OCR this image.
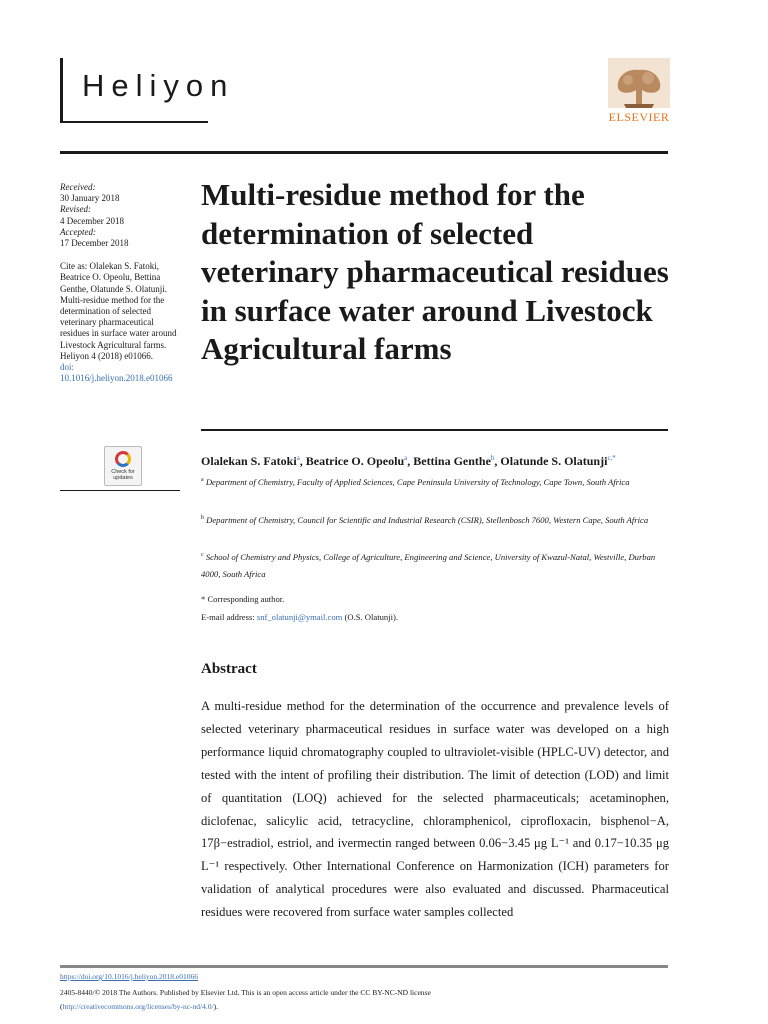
Heliyon
ELSEVIER
Received:
30 January 2018
Revised:
4 December 2018
Accepted:
17 December 2018
Cite as: Olalekan S. Fatoki, Beatrice O. Opeolu, Bettina Genthe, Olatunde S. Olatunji. Multi-residue method for the determination of selected veterinary pharmaceutical residues in surface water around Livestock Agricultural farms.
Heliyon 4 (2018) e01066.
doi: 10.1016/j.heliyon.2018.e01066
Check for updates
Multi-residue method for the determination of selected veterinary pharmaceutical residues in surface water around Livestock Agricultural farms
Olalekan S. Fatoki$^a$, Beatrice O. Opeolu$^a$, Bettina Genthe$^b$, Olatunde S. Olatunji$^{c,*}$
$^a$ Department of Chemistry, Faculty of Applied Sciences, Cape Peninsula University of Technology, Cape Town, South Africa
$^b$ Department of Chemistry, Council for Scientific and Industrial Research (CSIR), Stellenbosch 7600, Western Cape, South Africa
$^c$ School of Chemistry and Physics, College of Agriculture, Engineering and Science, University of Kwazul-Natal, Westville, Durban 4000, South Africa
* Corresponding author.
E-mail address: snf_olatunji@ymail.com (O.S. Olatunji).
Abstract

A multi-residue method for the determination of the occurrence and prevalence levels of selected veterinary pharmaceutical residues in surface water was developed on a high performance liquid chromatography coupled to ultraviolet-visible (HPLC-UV) detector, and tested with the intent of profiling their distribution. The limit of detection (LOD) and limit of quantitation (LOQ) achieved for the selected pharmaceuticals; acetaminophen, diclofenac, salicylic acid, tetracycline, chloramphenicol, ciprofloxacin, bisphenol−A, 17β−estradiol, estriol, and ivermectin ranged between 0.06−3.45 μg L⁻¹ and 0.17−10.35 μg L⁻¹ respectively. Other International Conference on Harmonization (ICH) parameters for validation of analytical procedures were also evaluated and discussed. Pharmaceutical residues were recovered from surface water samples collected

https://doi.org/10.1016/j.heliyon.2018.e01066
2405-8440/© 2018 The Authors. Published by Elsevier Ltd. This is an open access article under the CC BY-NC-ND license
(http://creativecommons.org/licenses/by-nc-nd/4.0/).
